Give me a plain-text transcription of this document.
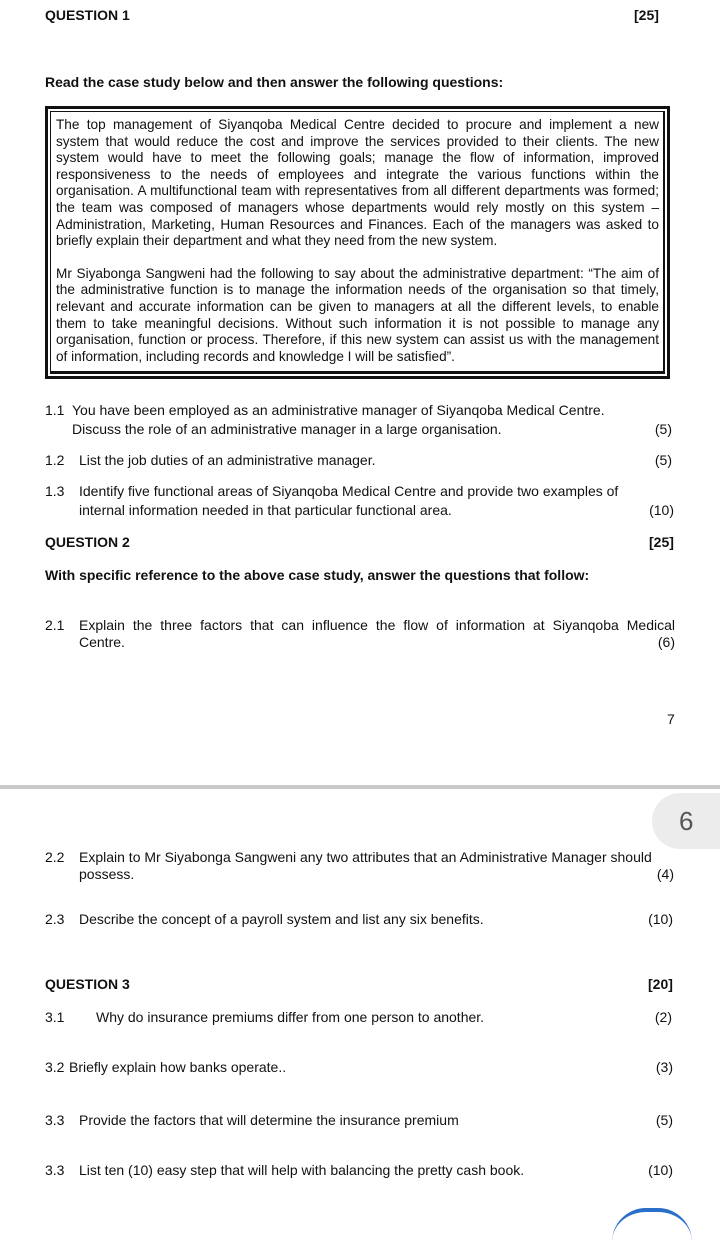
QUESTION 1	[25]
Read the case study below and then answer the following questions:

The top management of Siyanqoba Medical Centre decided to procure and implement a new system that would reduce the cost and improve the services provided to their clients. The new system would have to meet the following goals; manage the flow of information, improved responsiveness to the needs of employees and integrate the various functions within the organisation. A multifunctional team with representatives from all different departments was formed; the team was composed of managers whose departments would rely mostly on this system – Administration, Marketing, Human Resources and Finances. Each of the managers was asked to briefly explain their department and what they need from the new system.

Mr Siyabonga Sangweni had the following to say about the administrative department: “The aim of the administrative function is to manage the information needs of the organisation so that timely, relevant and accurate information can be given to managers at all the different levels, to enable them to take meaningful decisions. Without such information it is not possible to manage any organisation, function or process. Therefore, if this new system can assist us with the management of information, including records and knowledge I will be satisfied”.

1.1 You have been employed as an administrative manager of Siyanqoba Medical Centre.
Discuss the role of an administrative manager in a large organisation.	(5)
1.2 List the job duties of an administrative manager.	(5)
1.3 Identify five functional areas of Siyanqoba Medical Centre and provide two examples of
internal information needed in that particular functional area.	(10)
QUESTION 2	[25]
With specific reference to the above case study, answer the questions that follow:
2.1 Explain the three factors that can influence the flow of information at Siyanqoba Medical
Centre.	(6)
7
6
2.2 Explain to Mr Siyabonga Sangweni any two attributes that an Administrative Manager should
possess.	(4)
2.3 Describe the concept of a payroll system and list any six benefits.	(10)
QUESTION 3	[20]
3.1 Why do insurance premiums differ from one person to another.	(2)
3.2 Briefly explain how banks operate..	(3)
3.3 Provide the factors that will determine the insurance premium	(5)
3.3 List ten (10) easy step that will help with balancing the pretty cash book.	(10)
